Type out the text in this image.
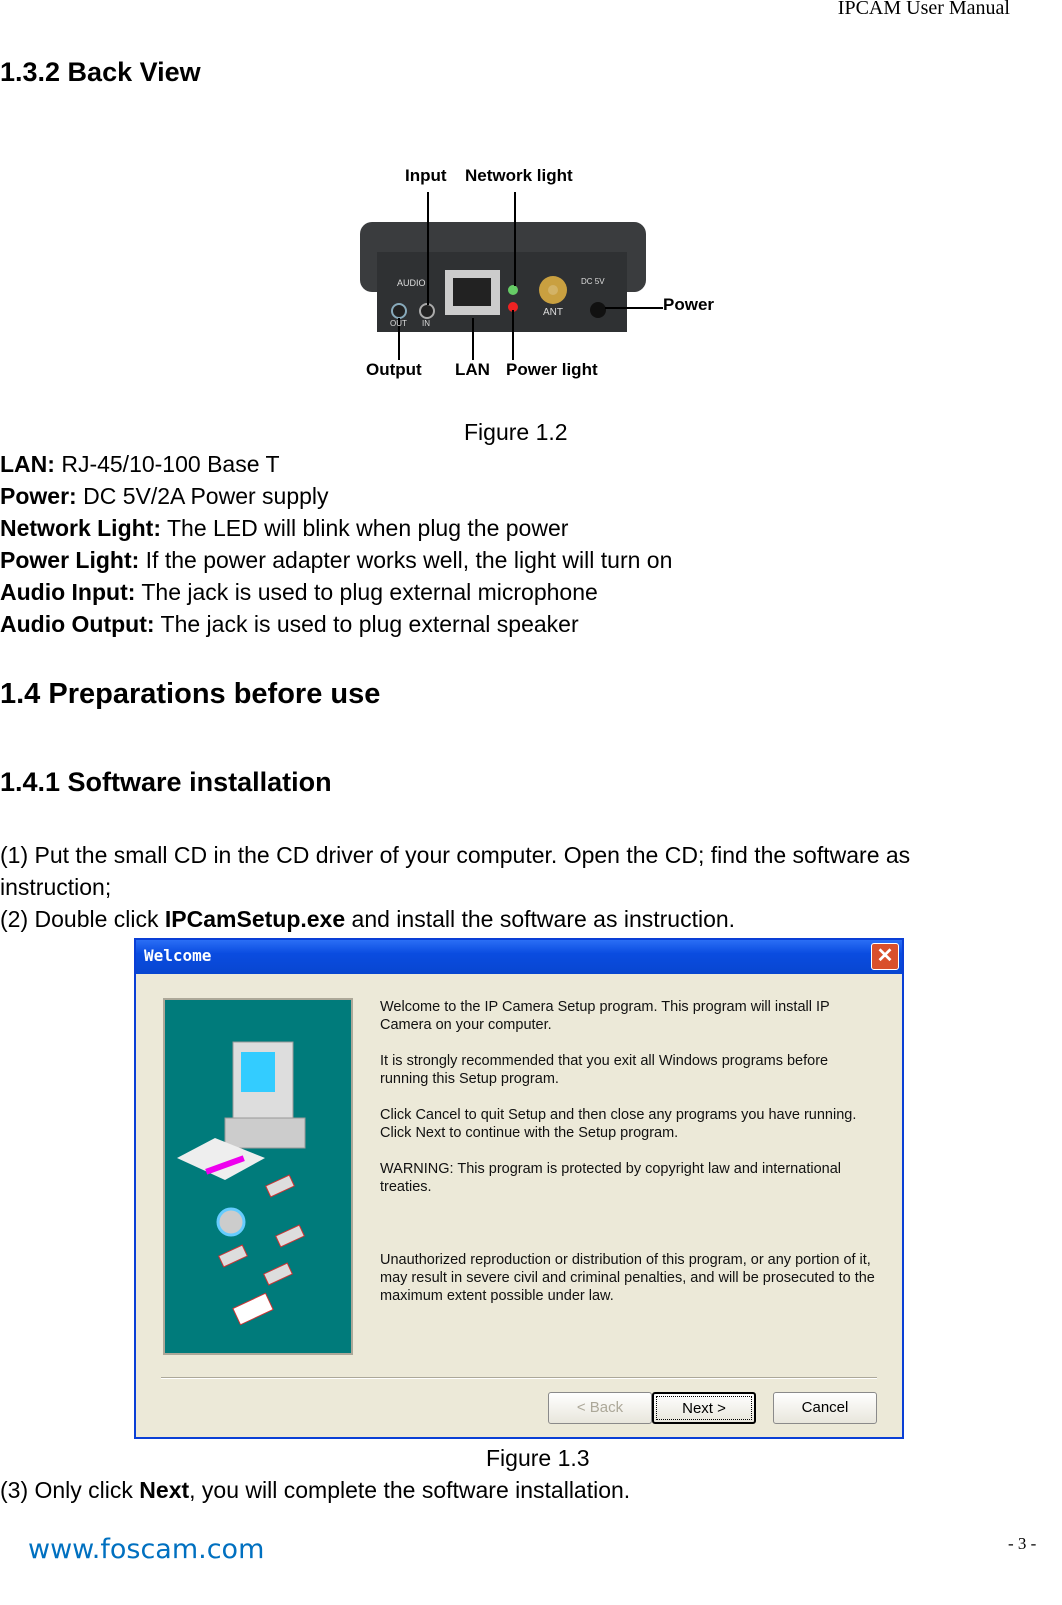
IPCAM User Manual
1.3.2 Back View
Input Network light
Power
Output LAN Power light
AUDIO
OUT IN
ANT
DC 5V
Figure 1.2
LAN: RJ-45/10-100 Base T
Power: DC 5V/2A Power supply
Network Light: The LED will blink when plug the power
Power Light: If the power adapter works well, the light will turn on
Audio Input: The jack is used to plug external microphone
Audio Output: The jack is used to plug external speaker
1.4 Preparations before use
1.4.1 Software installation
(1) Put the small CD in the CD driver of your computer. Open the CD; find the software as
instruction;
(2) Double click IPCamSetup.exe and install the software as instruction.
Welcome	✕
Welcome to the IP Camera Setup program. This program will install IP Camera on your computer.
It is strongly recommended that you exit all Windows programs before running this Setup program.
Click Cancel to quit Setup and then close any programs you have running. Click Next to continue with the Setup program.
WARNING: This program is protected by copyright law and international treaties.
Unauthorized reproduction or distribution of this program, or any portion of it, may result in severe civil and criminal penalties, and will be prosecuted to the maximum extent possible under law.
< Back	Next >	Cancel
Figure 1.3
(3) Only click Next, you will complete the software installation.
www.foscam.com	- 3 -
